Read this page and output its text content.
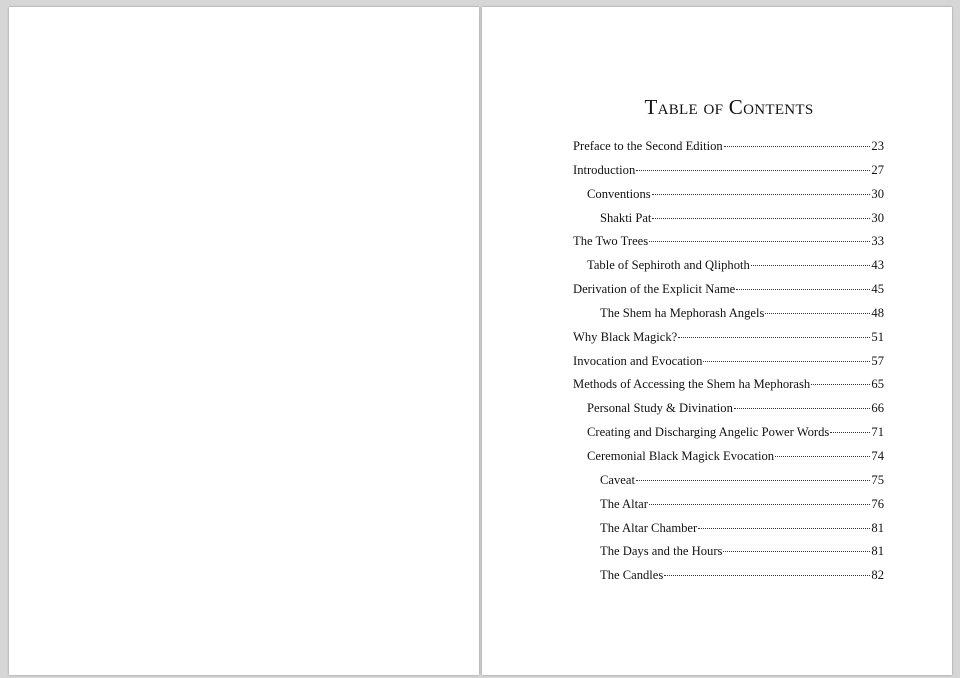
Table of Contents
Preface to the Second Edition	23
Introduction	27
Conventions	30
Shakti Pat	30
The Two Trees	33
Table of Sephiroth and Qliphoth	43
Derivation of the Explicit Name	45
The Shem ha Mephorash Angels	48
Why Black Magick?	51
Invocation and Evocation	57
Methods of Accessing the Shem ha Mephorash	65
Personal Study & Divination	66
Creating and Discharging Angelic Power Words	71
Ceremonial Black Magick Evocation	74
Caveat	75
The Altar	76
The Altar Chamber	81
The Days and the Hours	81
The Candles	82
